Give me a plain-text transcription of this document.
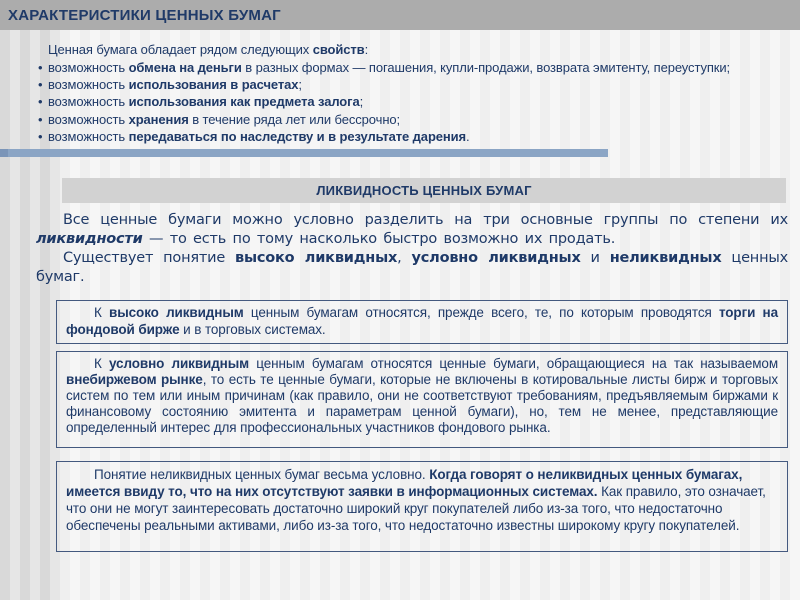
ХАРАКТЕРИСТИКИ ЦЕННЫХ БУМАГ
Ценная бумага обладает рядом следующих свойств:
• возможность обмена на деньги в разных формах — погашения, купли-продажи, возврата эмитенту, переуступки;
• возможность использования в расчетах;
• возможность использования как предмета залога;
• возможность хранения в течение ряда лет или бессрочно;
• возможность передаваться по наследству и в результате дарения.
ЛИКВИДНОСТЬ ЦЕННЫХ БУМАГ

Все ценные бумаги можно условно разделить на три основные группы по степени их ликвидности — то есть по тому насколько быстро возможно их продать.

Существует понятие высоко ликвидных, условно ликвидных и неликвидных ценных бумаг.

К высоко ликвидным ценным бумагам относятся, прежде всего, те, по которым проводятся торги на фондовой бирже и в торговых системах.
К условно ликвидным ценным бумагам относятся ценные бумаги, обращающиеся на так называемом внебиржевом рынке, то есть те ценные бумаги, которые не включены в котировальные листы бирж и торговых систем по тем или иным причинам (как правило, они не соответствуют требованиям, предъявляемым биржами к финансовому состоянию эмитента и параметрам ценной бумаги), но, тем не менее, представляющие определенный интерес для профессиональных участников фондового рынка.
Понятие неликвидных ценных бумаг весьма условно. Когда говорят о неликвидных ценных бумагах, имеется ввиду то, что на них отсутствуют заявки в информационных системах. Как правило, это означает, что они не могут заинтересовать достаточно широкий круг покупателей либо из-за того, что недостаточно обеспечены реальными активами, либо из-за того, что недостаточно известны широкому кругу покупателей.
